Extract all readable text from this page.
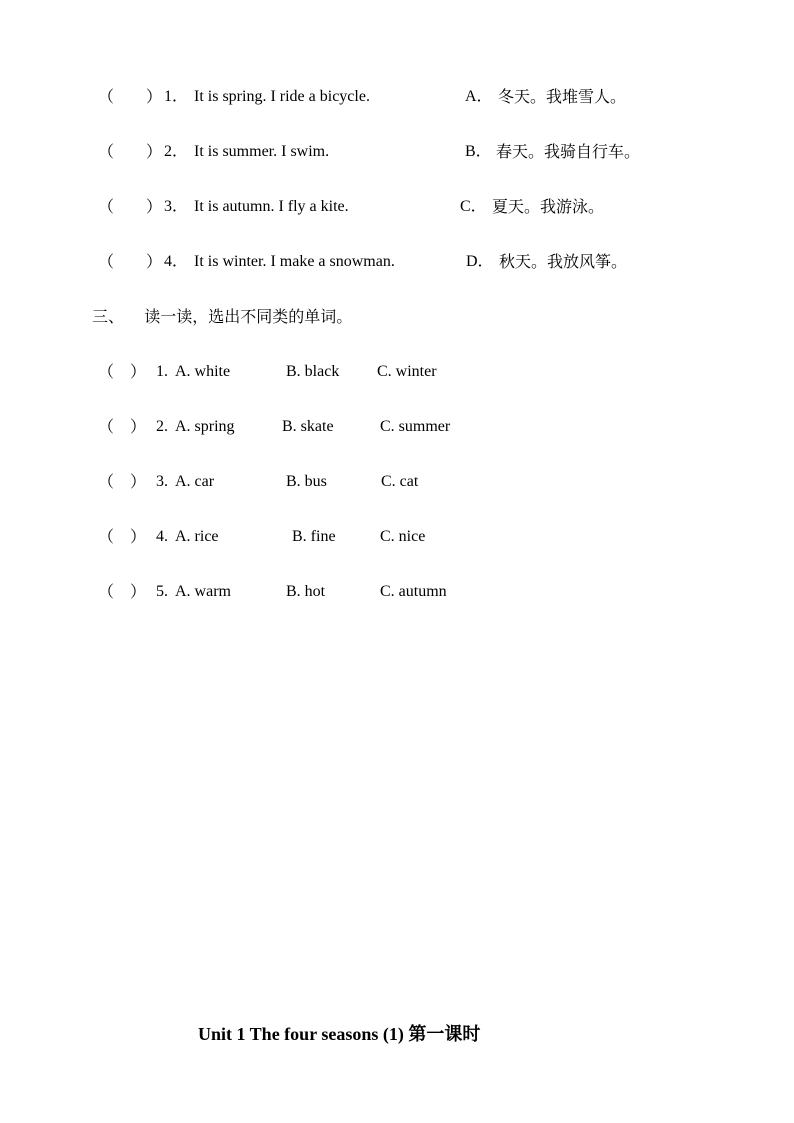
（　　） 1． It is spring. I ride a bicycle.	A． 冬天。我堆雪人。
（　　） 2． It is summer. I swim.	B． 春天。我骑自行车。
（　　） 3． It is autumn. I fly a kite.	C． 夏天。我游泳。
（　　） 4． It is winter. I make a snowman.	D． 秋天。我放风筝。
三、 读一读，选出不同类的单词。
（　） 1. A. white	B. black C. winter
（　） 2. A. spring	B. skate	C. summer
（　） 3. A. car	B. bus	C. cat
（　） 4. A. rice	B. fine	C. nice
（　） 5. A. warm	B. hot	C. autumn
Unit 1 The four seasons (1) 第一课时
